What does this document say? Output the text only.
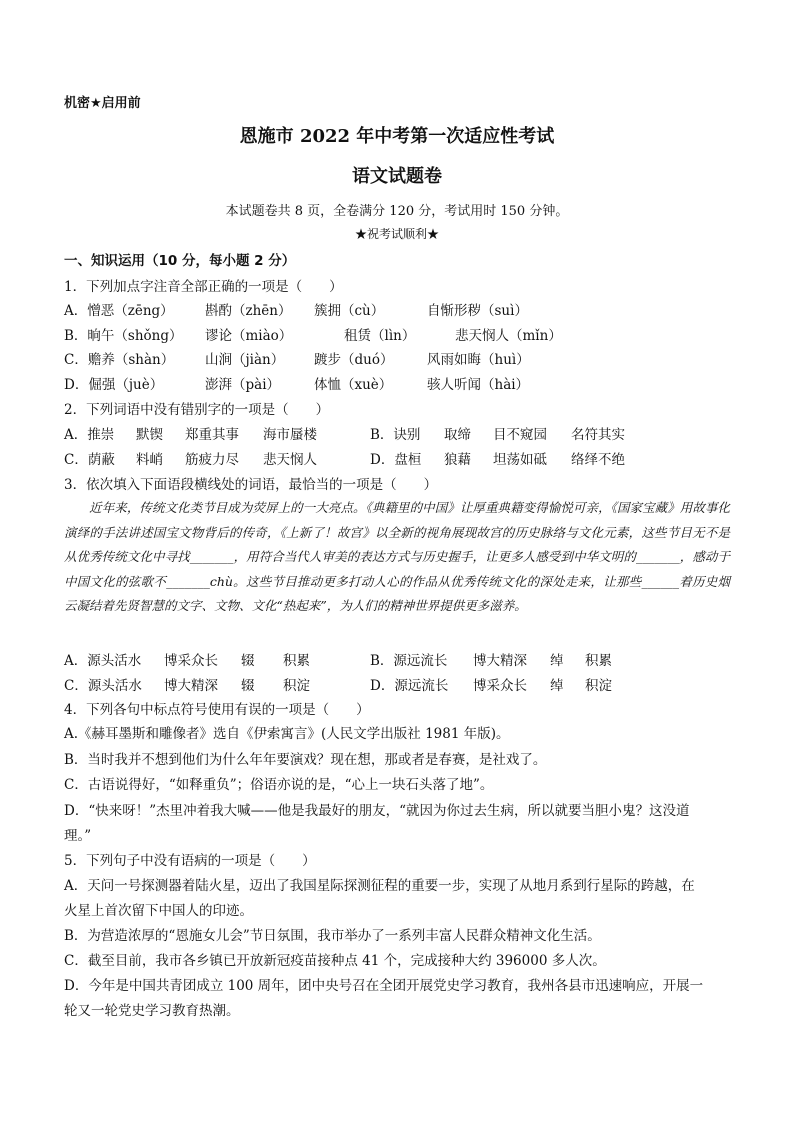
机密★启用前
恩施市 2022 年中考第一次适应性考试
语文试题卷
本试题卷共 8 页，全卷满分 120 分，考试用时 150 分钟。
★祝考试顺利★
一、知识运用（10 分，每小题 2 分）
1．下列加点字注音全部正确的一项是（　　）
A．憎恶（zēng） 斟酌（zhēn） 簇拥（cù）	自惭形秽（suì）
B．晌午（shǒng） 谬论（miào）	租赁（lìn）	悲天悯人（mǐn）
C．赡养（shàn） 山涧（jiàn） 踱步（duó） 风雨如晦（huì）
D．倔强（juè）	澎湃（pài）	体恤（xuè）	骇人听闻（hài）
2．下列词语中没有错别字的一项是（　　）
A．推崇 默锲 郑重其事 海市蜃楼	B．诀别 取缔 目不窥园 名符其实
C．荫蔽 料峭 筋疲力尽 悲天悯人	D．盘桓 狼藉 坦荡如砥 络绎不绝
3．依次填入下面语段横线处的词语，最恰当的一项是（　　）
　　近年来，传统文化类节目成为荧屏上的一大亮点。《典籍里的中国》让厚重典籍变得愉悦可亲，《国家宝藏》用故事化演绎的手法讲述国宝文物背后的传奇，《上新了！故宫》以全新的视角展现故宫的历史脉络与文化元素，这些节目无不是从优秀传统文化中寻找_______，用符合当代人审美的表达方式与历史握手，让更多人感受到中华文明的_______，感动于中国文化的弦歌不_______chù。这些节目推动更多打动人心的作品从优秀传统文化的深处走来，让那些______着历史烟云凝结着先贤智慧的文字、文物、文化“热起来”，为人们的精神世界提供更多滋养。
A．源头活水 博采众长 辍 积累	B．源远流长 博大精深 绰 积累
C．源头活水 博大精深 辍 积淀	D．源远流长 博采众长 绰 积淀
4．下列各句中标点符号使用有误的一项是（　　）
A.《赫耳墨斯和雕像者》选自《伊索寓言》(人民文学出版社 1981 年版)。
B．当时我并不想到他们为什么年年要演戏？现在想，那或者是春赛，是社戏了。
C．古语说得好，“如释重负”；俗语亦说的是，“心上一块石头落了地”。
D．“快来呀！”杰里冲着我大喊——他是我最好的朋友，“就因为你过去生病，所以就要当胆小鬼？这没道
理。”
5．下列句子中没有语病的一项是（　　）
A．天问一号探测器着陆火星，迈出了我国星际探测征程的重要一步，实现了从地月系到行星际的跨越，在
火星上首次留下中国人的印迹。
B．为营造浓厚的“恩施女儿会”节日氛围，我市举办了一系列丰富人民群众精神文化生活。
C．截至目前，我市各乡镇已开放新冠疫苗接种点 41 个，完成接种大约 396000 多人次。
D．今年是中国共青团成立 100 周年，团中央号召在全团开展党史学习教育，我州各县市迅速响应，开展一
轮又一轮党史学习教育热潮。
